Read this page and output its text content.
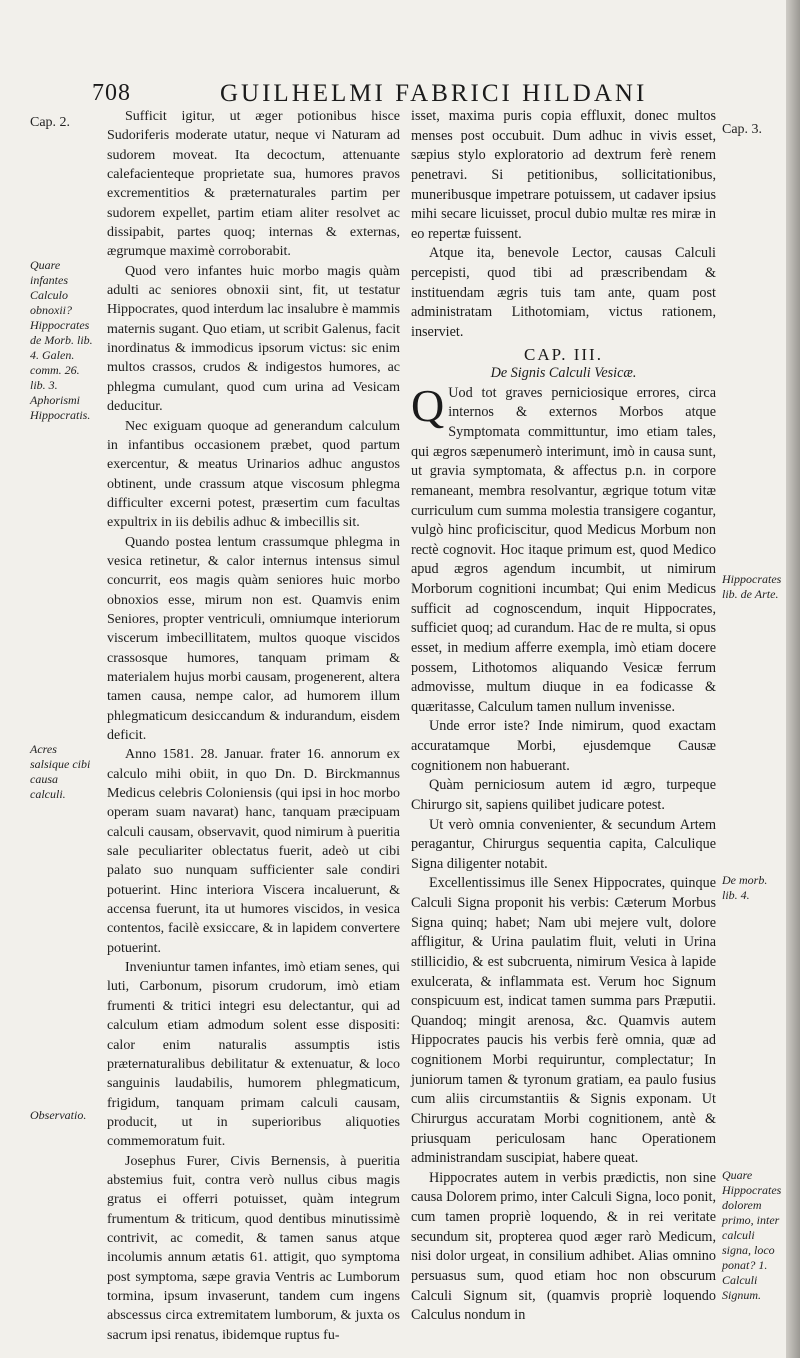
708	GUILHELMI FABRICI HILDANI
Cap. 2.
Quare infantes Calculo obnoxii? Hippocrates de Morb. lib. 4. Galen. comm. 26. lib. 3. Aphorismi Hippocratis.
Acres salsique cibi causa calculi.
Observatio.
Cap. 3.
Hippocrates lib. de Arte.
De morb. lib. 4.
Quare Hippocrates dolorem primo, inter calculi signa, loco ponat? 1. Calculi Signum.

Sufficit igitur, ut æger potionibus hisce Sudoriferis moderate utatur, neque vi Naturam ad sudorem moveat. Ita decoctum, attenuante calefacienteque proprietate sua, humores pravos excrementitios & præternaturales partim per sudorem expellet, partim etiam aliter resolvet ac dissipabit, partes quoq; internas & externas, ægrumque maximè corroborabit.

Quod vero infantes huic morbo magis quàm adulti ac seniores obnoxii sint, fit, ut testatur Hippocrates, quod interdum lac insalubre è mammis maternis sugant. Quo etiam, ut scribit Galenus, facit inordinatus & immodicus ipsorum victus: sic enim multos crassos, crudos & indigestos humores, ac phlegma cumulant, quod cum urina ad Vesicam deducitur.

Nec exiguam quoque ad generandum calculum in infantibus occasionem præbet, quod partum exercentur, & meatus Urinarios adhuc angustos obtinent, unde crassum atque viscosum phlegma difficulter excerni potest, præsertim cum facultas expultrix in iis debilis adhuc & imbecillis sit.

Quando postea lentum crassumque phlegma in vesica retinetur, & calor internus intensus simul concurrit, eos magis quàm seniores huic morbo obnoxios esse, mirum non est. Quamvis enim Seniores, propter ventriculi, omniumque interiorum viscerum imbecillitatem, multos quoque viscidos crassosque humores, tanquam primam & materialem hujus morbi causam, progenerent, altera tamen causa, nempe calor, ad humorem illum phlegmaticum desiccandum & indurandum, eisdem deficit.

Anno 1581. 28. Januar. frater 16. annorum ex calculo mihi obiit, in quo Dn. D. Birckmannus Medicus celebris Coloniensis (qui ipsi in hoc morbo operam suam navarat) hanc, tanquam præcipuam calculi causam, observavit, quod nimirum à pueritia sale peculiariter oblectatus fuerit, adeò ut cibi palato suo nunquam sufficienter sale condiri potuerint. Hinc interiora Viscera incaluerunt, & accensa fuerunt, ita ut humores viscidos, in vesica contentos, facilè exsiccare, & in lapidem convertere potuerint.

Inveniuntur tamen infantes, imò etiam senes, qui luti, Carbonum, pisorum crudorum, imò etiam frumenti & tritici integri esu delectantur, qui ad calculum etiam admodum solent esse dispositi: calor enim naturalis assumptis istis præternaturalibus debilitatur & extenuatur, & loco sanguinis laudabilis, humorem phlegmaticum, frigidum, tanquam primam calculi causam, producit, ut in superioribus aliquoties commemoratum fuit.

Josephus Furer, Civis Bernensis, à pueritia abstemius fuit, contra verò nullus cibus magis gratus ei offerri potuisset, quàm integrum frumentum & triticum, quod dentibus minutissimè contrivit, ac comedit, & tamen sanus atque incolumis annum ætatis 61. attigit, quo symptoma post symptoma, sæpe gravia Ventris ac Lumborum tormina, ipsum invaserunt, tandem cum ingens abscessus circa extremitatem lumborum, & juxta os sacrum ipsi renatus, ibidemque ruptus fu-

isset, maxima puris copia effluxit, donec multos menses post occubuit. Dum adhuc in vivis esset, sæpius stylo exploratorio ad dextrum ferè renem penetravi. Si petitionibus, sollicitationibus, muneribusque impetrare potuissem, ut cadaver ipsius mihi secare licuisset, procul dubio multæ res miræ in eo repertæ fuissent.

Atque ita, benevole Lector, causas Calculi percepisti, quod tibi ad præscribendam & instituendam ægris tuis tam ante, quam post administratam Lithotomiam, victus rationem, inserviet.

CAP. III.

De Signis Calculi Vesicæ.

Q Uod tot graves perniciosique errores, circa internos & externos Morbos atque Symptomata committuntur, imo etiam tales, qui ægros sæpenumerò interimunt, imò in causa sunt, ut gravia symptomata, & affectus p.n. in corpore remaneant, membra resolvantur, ægrique totum vitæ curriculum cum summa molestia transigere cogantur, vulgò hinc proficiscitur, quod Medicus Morbum non rectè cognovit. Hoc itaque primum est, quod Medico apud ægros agendum incumbit, ut nimirum Morborum cognitioni incumbat; Qui enim Medicus sufficit ad cognoscendum, inquit Hippocrates, sufficiet quoq; ad curandum. Hac de re multa, si opus esset, in medium afferre exempla, imò etiam docere possem, Lithotomos aliquando Vesicæ ferrum admovisse, multum diuque in ea fodicasse & quæritasse, Calculum tamen nullum invenisse.

Unde error iste? Inde nimirum, quod exactam accuratamque Morbi, ejusdemque Causæ cognitionem non habuerant.

Quàm perniciosum autem id ægro, turpeque Chirurgo sit, sapiens quilibet judicare potest.

Ut verò omnia convenienter, & secundum Artem peragantur, Chirurgus sequentia capita, Calculique Signa diligenter notabit.

Excellentissimus ille Senex Hippocrates, quinque Calculi Signa proponit his verbis: Cæterum Morbus Signa quinq; habet; Nam ubi mejere vult, dolore affligitur, & Urina paulatim fluit, veluti in Urina stillicidio, & est subcruenta, nimirum Vesica à lapide exulcerata, & inflammata est. Verum hoc Signum conspicuum est, indicat tamen summa pars Præputii. Quandoq; mingit arenosa, &c. Quamvis autem Hippocrates paucis his verbis ferè omnia, quæ ad cognitionem Morbi requiruntur, complectatur; In juniorum tamen & tyronum gratiam, ea paulo fusius cum aliis circumstantiis & Signis exponam. Ut Chirurgus accuratam Morbi cognitionem, antè & priusquam periculosam hanc Operationem administrandam suscipiat, habere queat.

Hippocrates autem in verbis prædictis, non sine causa Dolorem primo, inter Calculi Signa, loco ponit, cum tamen propriè loquendo, & in rei veritate secundum sit, propterea quod æger rarò Medicum, nisi dolor urgeat, in consilium adhibet. Alias omnino persuasus sum, quod etiam hoc non obscurum Calculi Signum sit, (quamvis propriè loquendo Calculus nondum in
